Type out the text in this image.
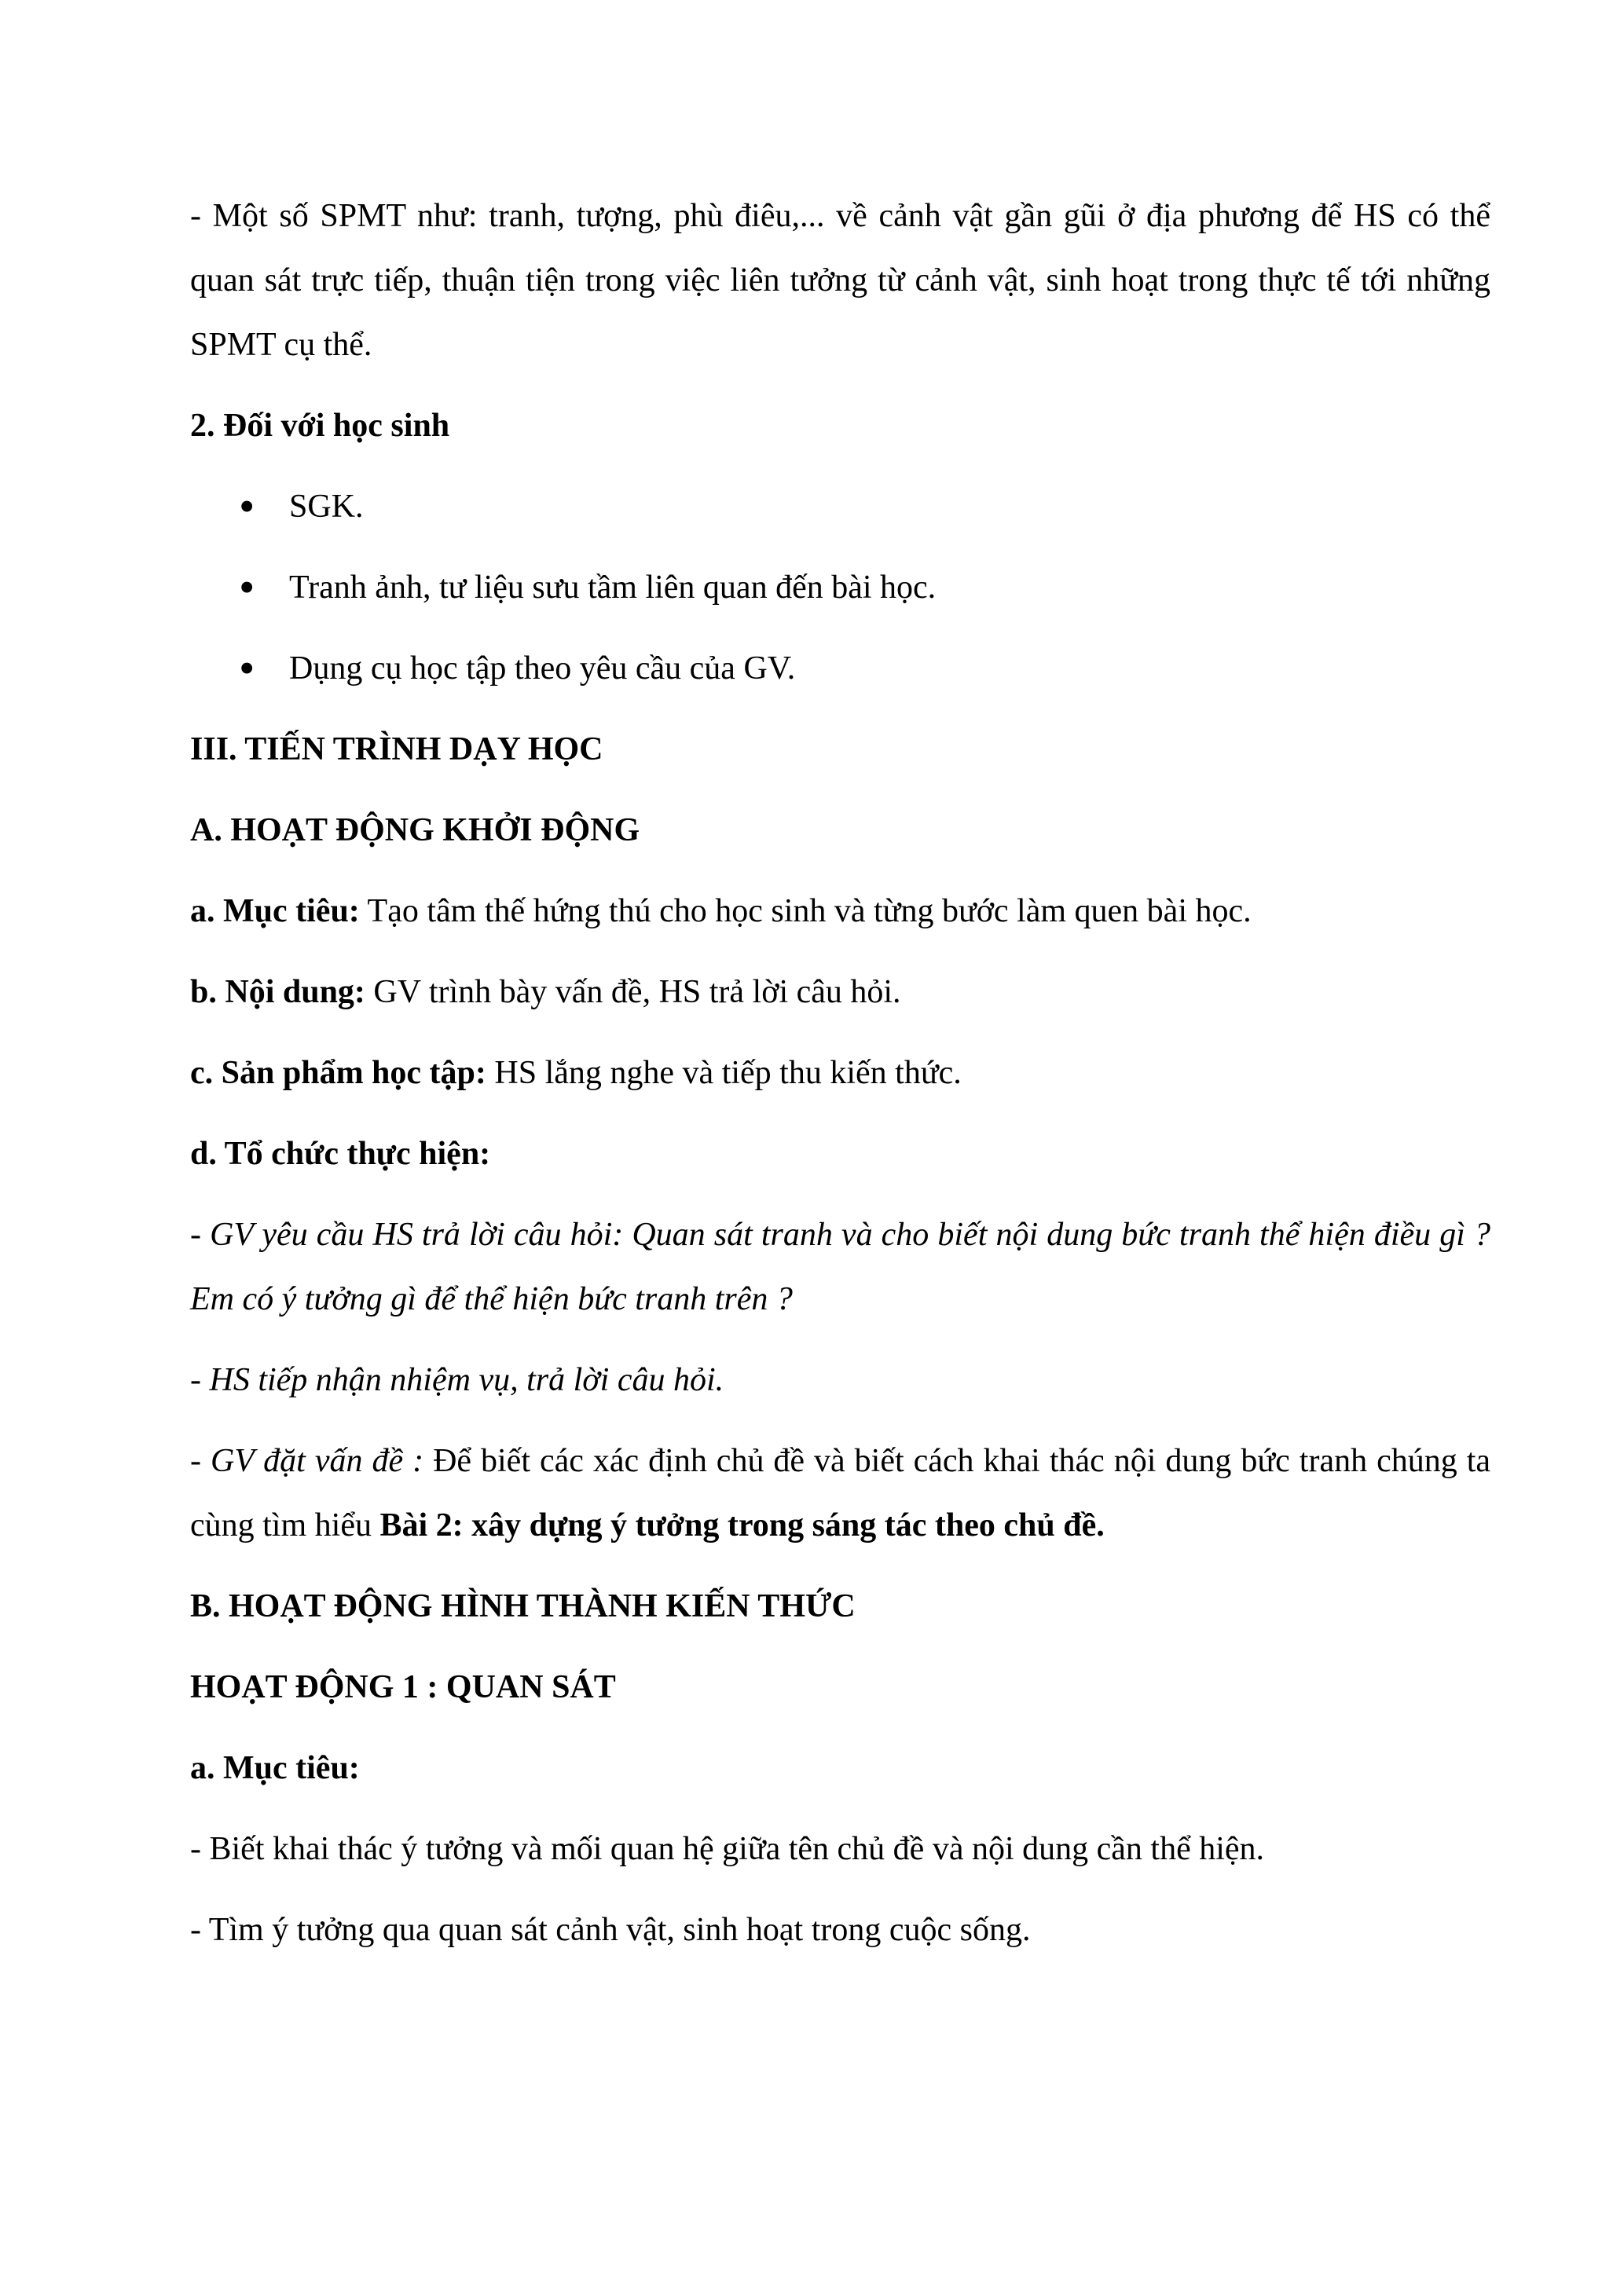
- Một số SPMT như: tranh, tượng, phù điêu,... về cảnh vật gần gũi ở địa phương để HS có thể quan sát trực tiếp, thuận tiện trong việc liên tưởng từ cảnh vật, sinh hoạt trong thực tế tới những SPMT cụ thể.

2. Đối với học sinh

• SGK.
• Tranh ảnh, tư liệu sưu tầm liên quan đến bài học.
• Dụng cụ học tập theo yêu cầu của GV.

III. TIẾN TRÌNH DẠY HỌC

A. HOẠT ĐỘNG KHỞI ĐỘNG

a. Mục tiêu: Tạo tâm thế hứng thú cho học sinh và từng bước làm quen bài học.

b. Nội dung: GV trình bày vấn đề, HS trả lời câu hỏi.

c. Sản phẩm học tập: HS lắng nghe và tiếp thu kiến thức.

d. Tổ chức thực hiện:

- GV yêu cầu HS trả lời câu hỏi: Quan sát tranh và cho biết nội dung bức tranh thể hiện điều gì ? Em có ý tưởng gì để thể hiện bức tranh trên ?

- HS tiếp nhận nhiệm vụ, trả lời câu hỏi.

- GV đặt vấn đề : Để biết các xác định chủ đề và biết cách khai thác nội dung bức tranh chúng ta cùng tìm hiểu Bài 2: xây dựng ý tưởng trong sáng tác theo chủ đề.

B. HOẠT ĐỘNG HÌNH THÀNH KIẾN THỨC

HOẠT ĐỘNG 1 : QUAN SÁT

a. Mục tiêu:

- Biết khai thác ý tưởng và mối quan hệ giữa tên chủ đề và nội dung cần thể hiện.

- Tìm ý tưởng qua quan sát cảnh vật, sinh hoạt trong cuộc sống.
